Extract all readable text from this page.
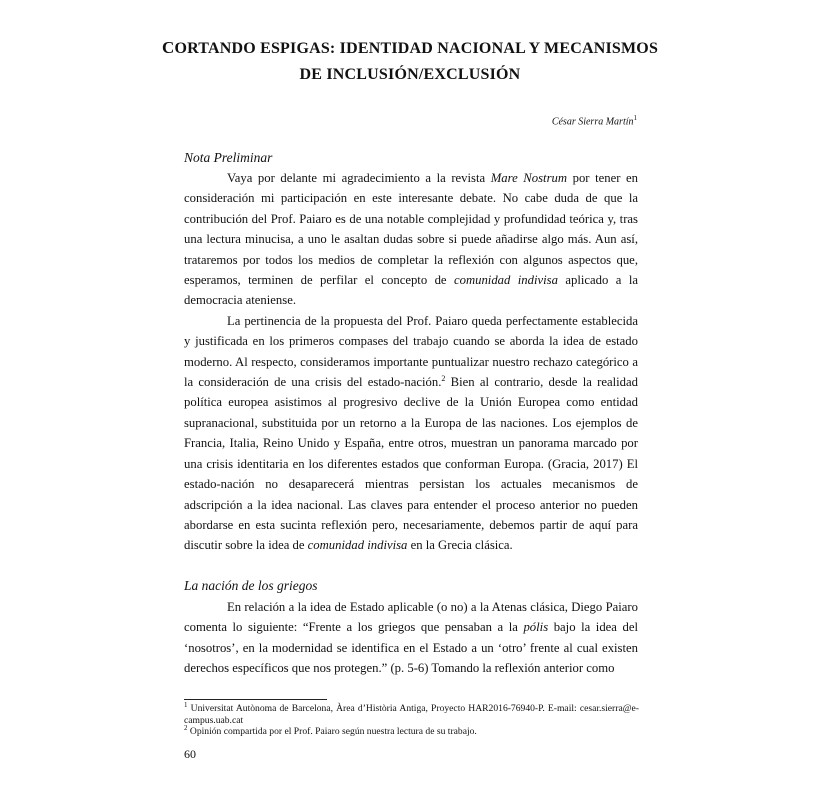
CORTANDO ESPIGAS: IDENTIDAD NACIONAL Y MECANISMOS
DE INCLUSIÓN/EXCLUSIÓN
César Sierra Martín$^1$
Nota Preliminar

Vaya por delante mi agradecimiento a la revista Mare Nostrum por tener en consideración mi participación en este interesante debate. No cabe duda de que la contribución del Prof. Paiaro es de una notable complejidad y profundidad teórica y, tras una lectura minucisa, a uno le asaltan dudas sobre si puede añadirse algo más. Aun así, trataremos por todos los medios de completar la reflexión con algunos aspectos que, esperamos, terminen de perfilar el concepto de comunidad indivisa aplicado a la democracia ateniense.

La pertinencia de la propuesta del Prof. Paiaro queda perfectamente establecida y justificada en los primeros compases del trabajo cuando se aborda la idea de estado moderno. Al respecto, consideramos importante puntualizar nuestro rechazo categórico a la consideración de una crisis del estado-nación.$^2$ Bien al contrario, desde la realidad política europea asistimos al progresivo declive de la Unión Europea como entidad supranacional, substituida por un retorno a la Europa de las naciones. Los ejemplos de Francia, Italia, Reino Unido y España, entre otros, muestran un panorama marcado por una crisis identitaria en los diferentes estados que conforman Europa. (Gracia, 2017) El estado-nación no desaparecerá mientras persistan los actuales mecanismos de adscripción a la idea nacional. Las claves para entender el proceso anterior no pueden abordarse en esta sucinta reflexión pero, necesariamente, debemos partir de aquí para discutir sobre la idea de comunidad indivisa en la Grecia clásica.

La nación de los griegos

En relación a la idea de Estado aplicable (o no) a la Atenas clásica, Diego Paiaro comenta lo siguiente: “Frente a los griegos que pensaban a la pólis bajo la idea del ‘nosotros’, en la modernidad se identifica en el Estado a un ‘otro’ frente al cual existen derechos específicos que nos protegen.” (p. 5-6) Tomando la reflexión anterior como

$^1$ Universitat Autònoma de Barcelona, Àrea d’Història Antiga, Proyecto HAR2016-76940-P. E-mail: cesar.sierra@e-campus.uab.cat
$^2$ Opinión compartida por el Prof. Paiaro según nuestra lectura de su trabajo.
60
